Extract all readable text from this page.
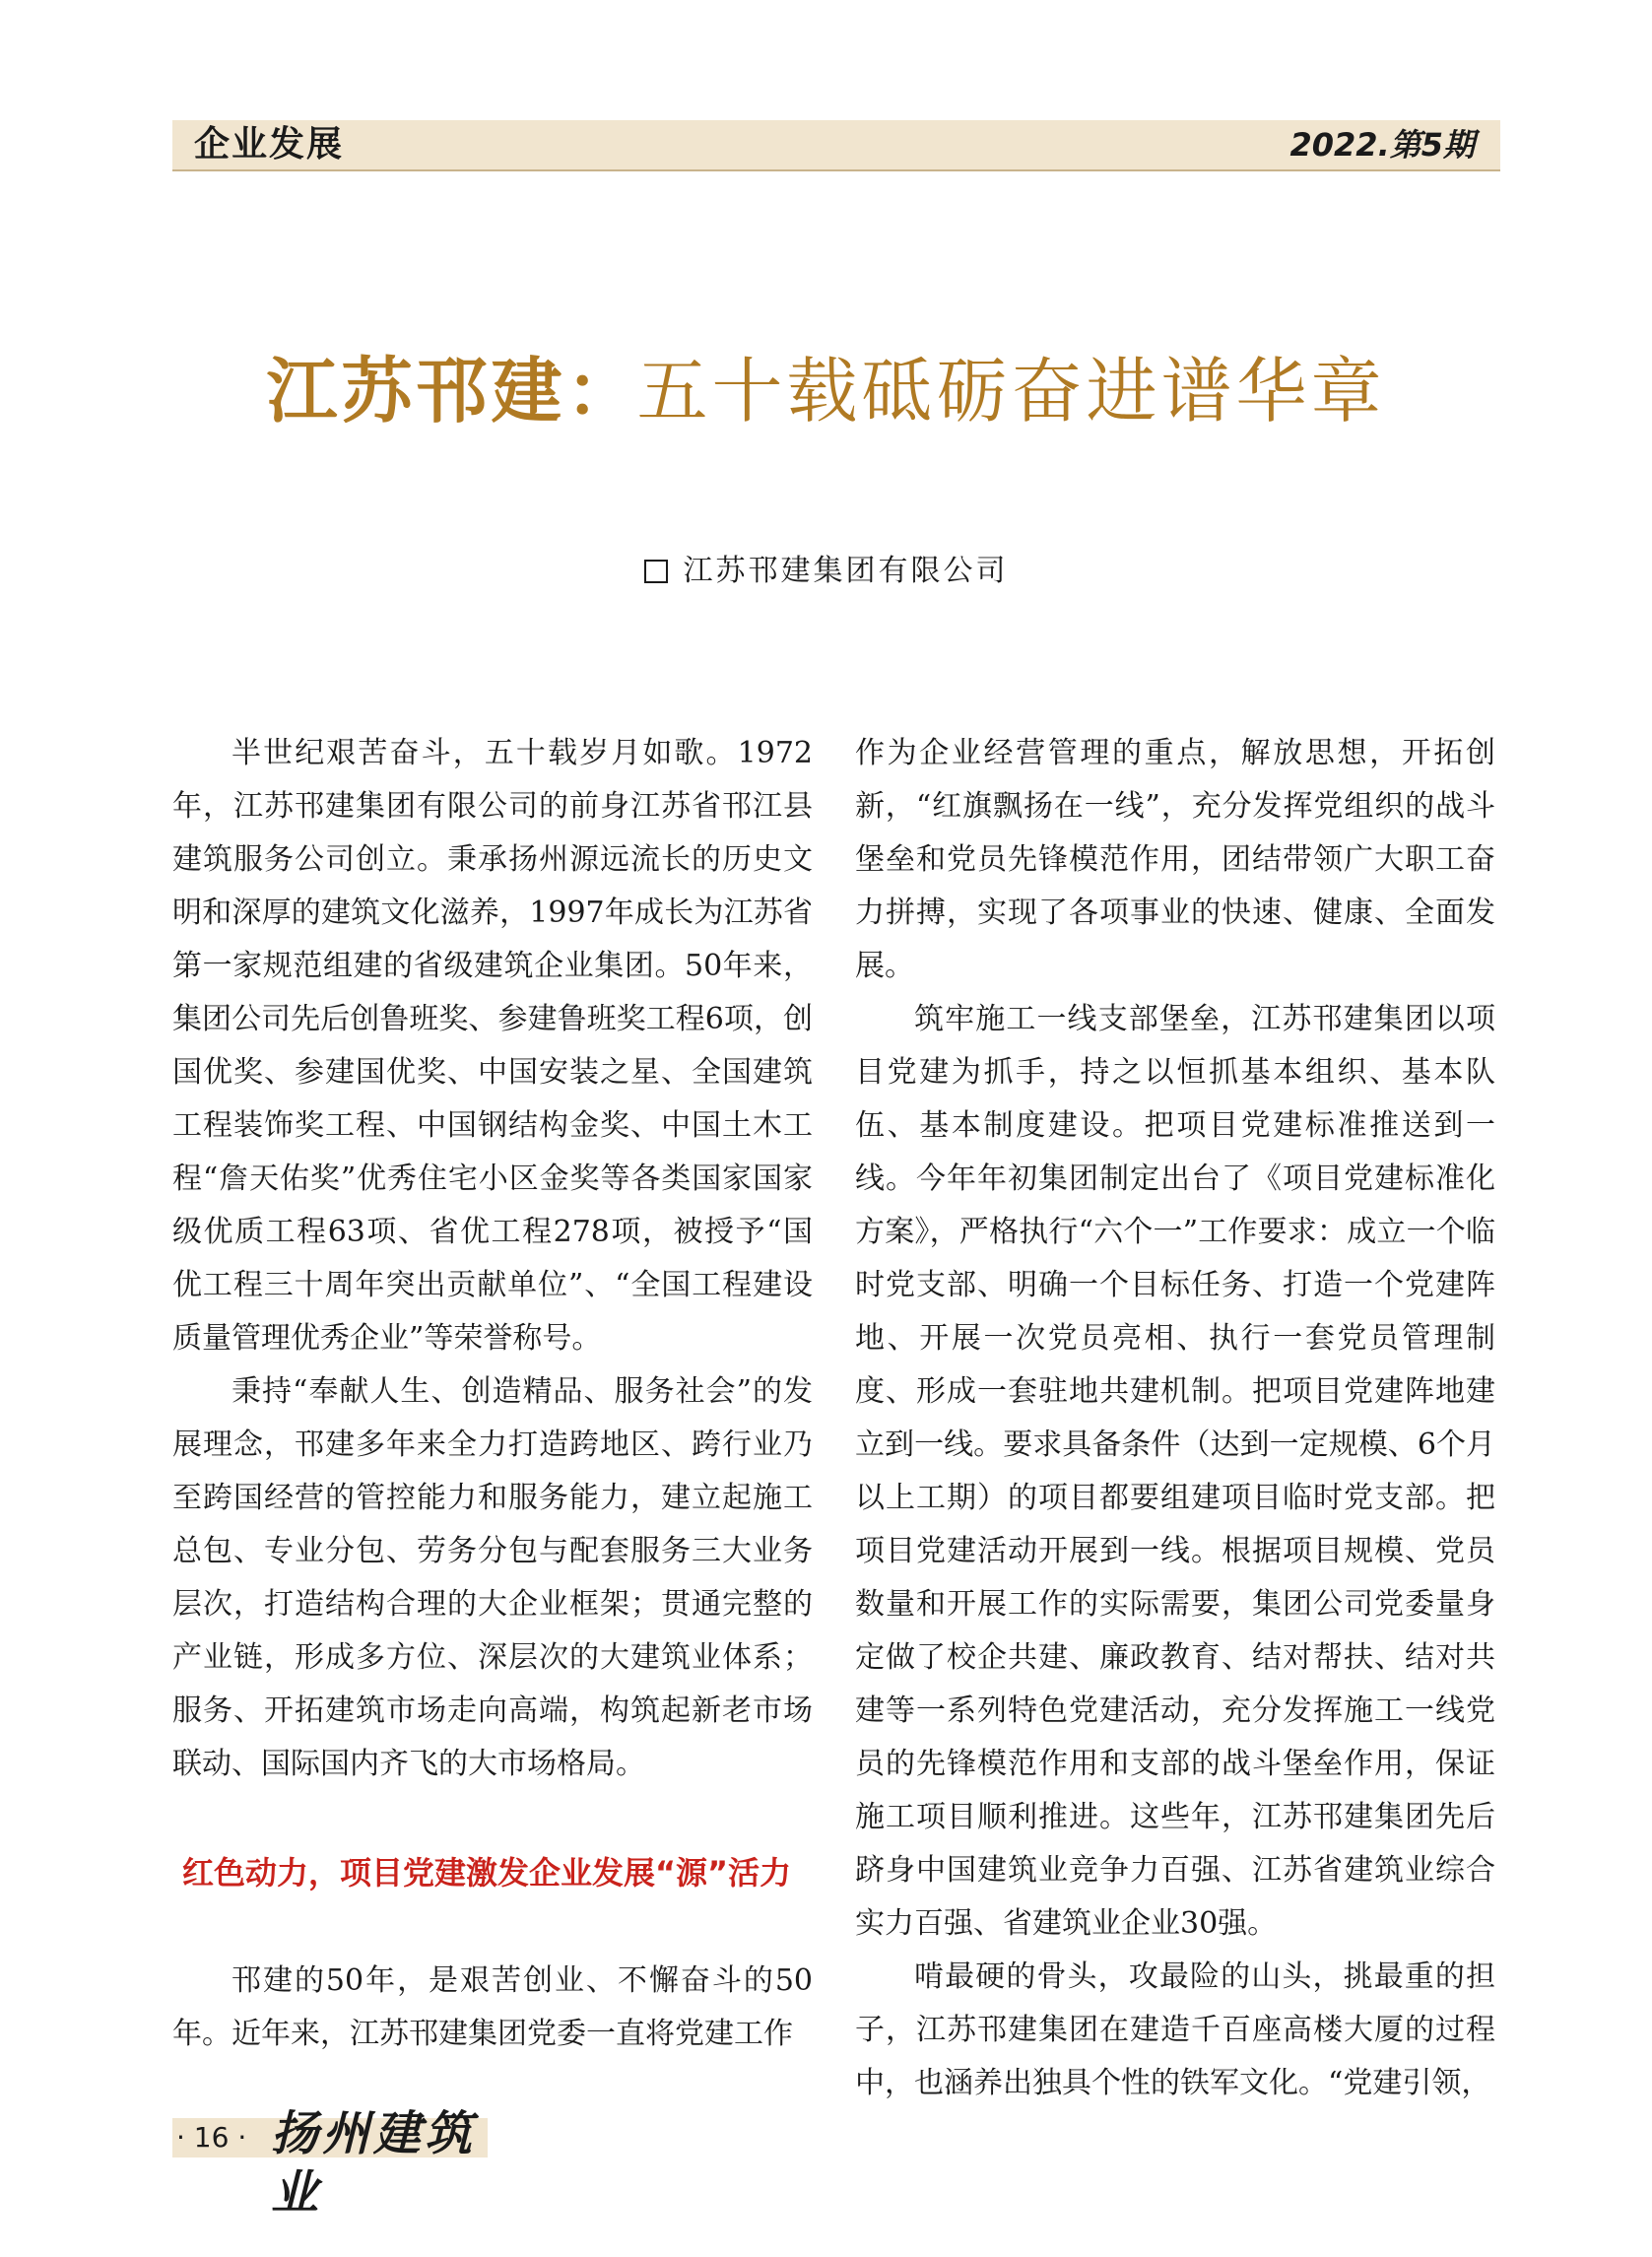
企业发展	2022.第5期
江苏邗建：五十载砥砺奋进谱华章
江苏邗建集团有限公司

半世纪艰苦奋斗，五十载岁月如歌。1972年，江苏邗建集团有限公司的前身江苏省邗江县建筑服务公司创立。秉承扬州源远流长的历史文明和深厚的建筑文化滋养，1997年成长为江苏省第一家规范组建的省级建筑企业集团。50年来，集团公司先后创鲁班奖、参建鲁班奖工程6项，创国优奖、参建国优奖、中国安装之星、全国建筑工程装饰奖工程、中国钢结构金奖、中国土木工程“詹天佑奖”优秀住宅小区金奖等各类国家国家级优质工程63项、省优工程278项，被授予“国优工程三十周年突出贡献单位”、“全国工程建设质量管理优秀企业”等荣誉称号。

秉持“奉献人生、创造精品、服务社会”的发展理念，邗建多年来全力打造跨地区、跨行业乃至跨国经营的管控能力和服务能力，建立起施工总包、专业分包、劳务分包与配套服务三大业务层次，打造结构合理的大企业框架；贯通完整的产业链，形成多方位、深层次的大建筑业体系；服务、开拓建筑市场走向高端，构筑起新老市场联动、国际国内齐飞的大市场格局。

红色动力，项目党建激发企业发展“源”活力

邗建的50年，是艰苦创业、不懈奋斗的50年。近年来，江苏邗建集团党委一直将党建工作

作为企业经营管理的重点，解放思想，开拓创新，“红旗飘扬在一线”，充分发挥党组织的战斗堡垒和党员先锋模范作用，团结带领广大职工奋力拼搏，实现了各项事业的快速、健康、全面发展。

筑牢施工一线支部堡垒，江苏邗建集团以项目党建为抓手，持之以恒抓基本组织、基本队伍、基本制度建设。把项目党建标准推送到一线。今年年初集团制定出台了《项目党建标准化方案》，严格执行“六个一”工作要求：成立一个临时党支部、明确一个目标任务、打造一个党建阵地、开展一次党员亮相、执行一套党员管理制度、形成一套驻地共建机制。把项目党建阵地建立到一线。要求具备条件（达到一定规模、6个月以上工期）的项目都要组建项目临时党支部。把项目党建活动开展到一线。根据项目规模、党员数量和开展工作的实际需要，集团公司党委量身定做了校企共建、廉政教育、结对帮扶、结对共建等一系列特色党建活动，充分发挥施工一线党员的先锋模范作用和支部的战斗堡垒作用，保证施工项目顺利推进。这些年，江苏邗建集团先后跻身中国建筑业竞争力百强、江苏省建筑业综合实力百强、省建筑业企业30强。

啃最硬的骨头，攻最险的山头，挑最重的担子，江苏邗建集团在建造千百座高楼大厦的过程中，也涵养出独具个性的铁军文化。“党建引领，

· 16 · 扬州建筑业
